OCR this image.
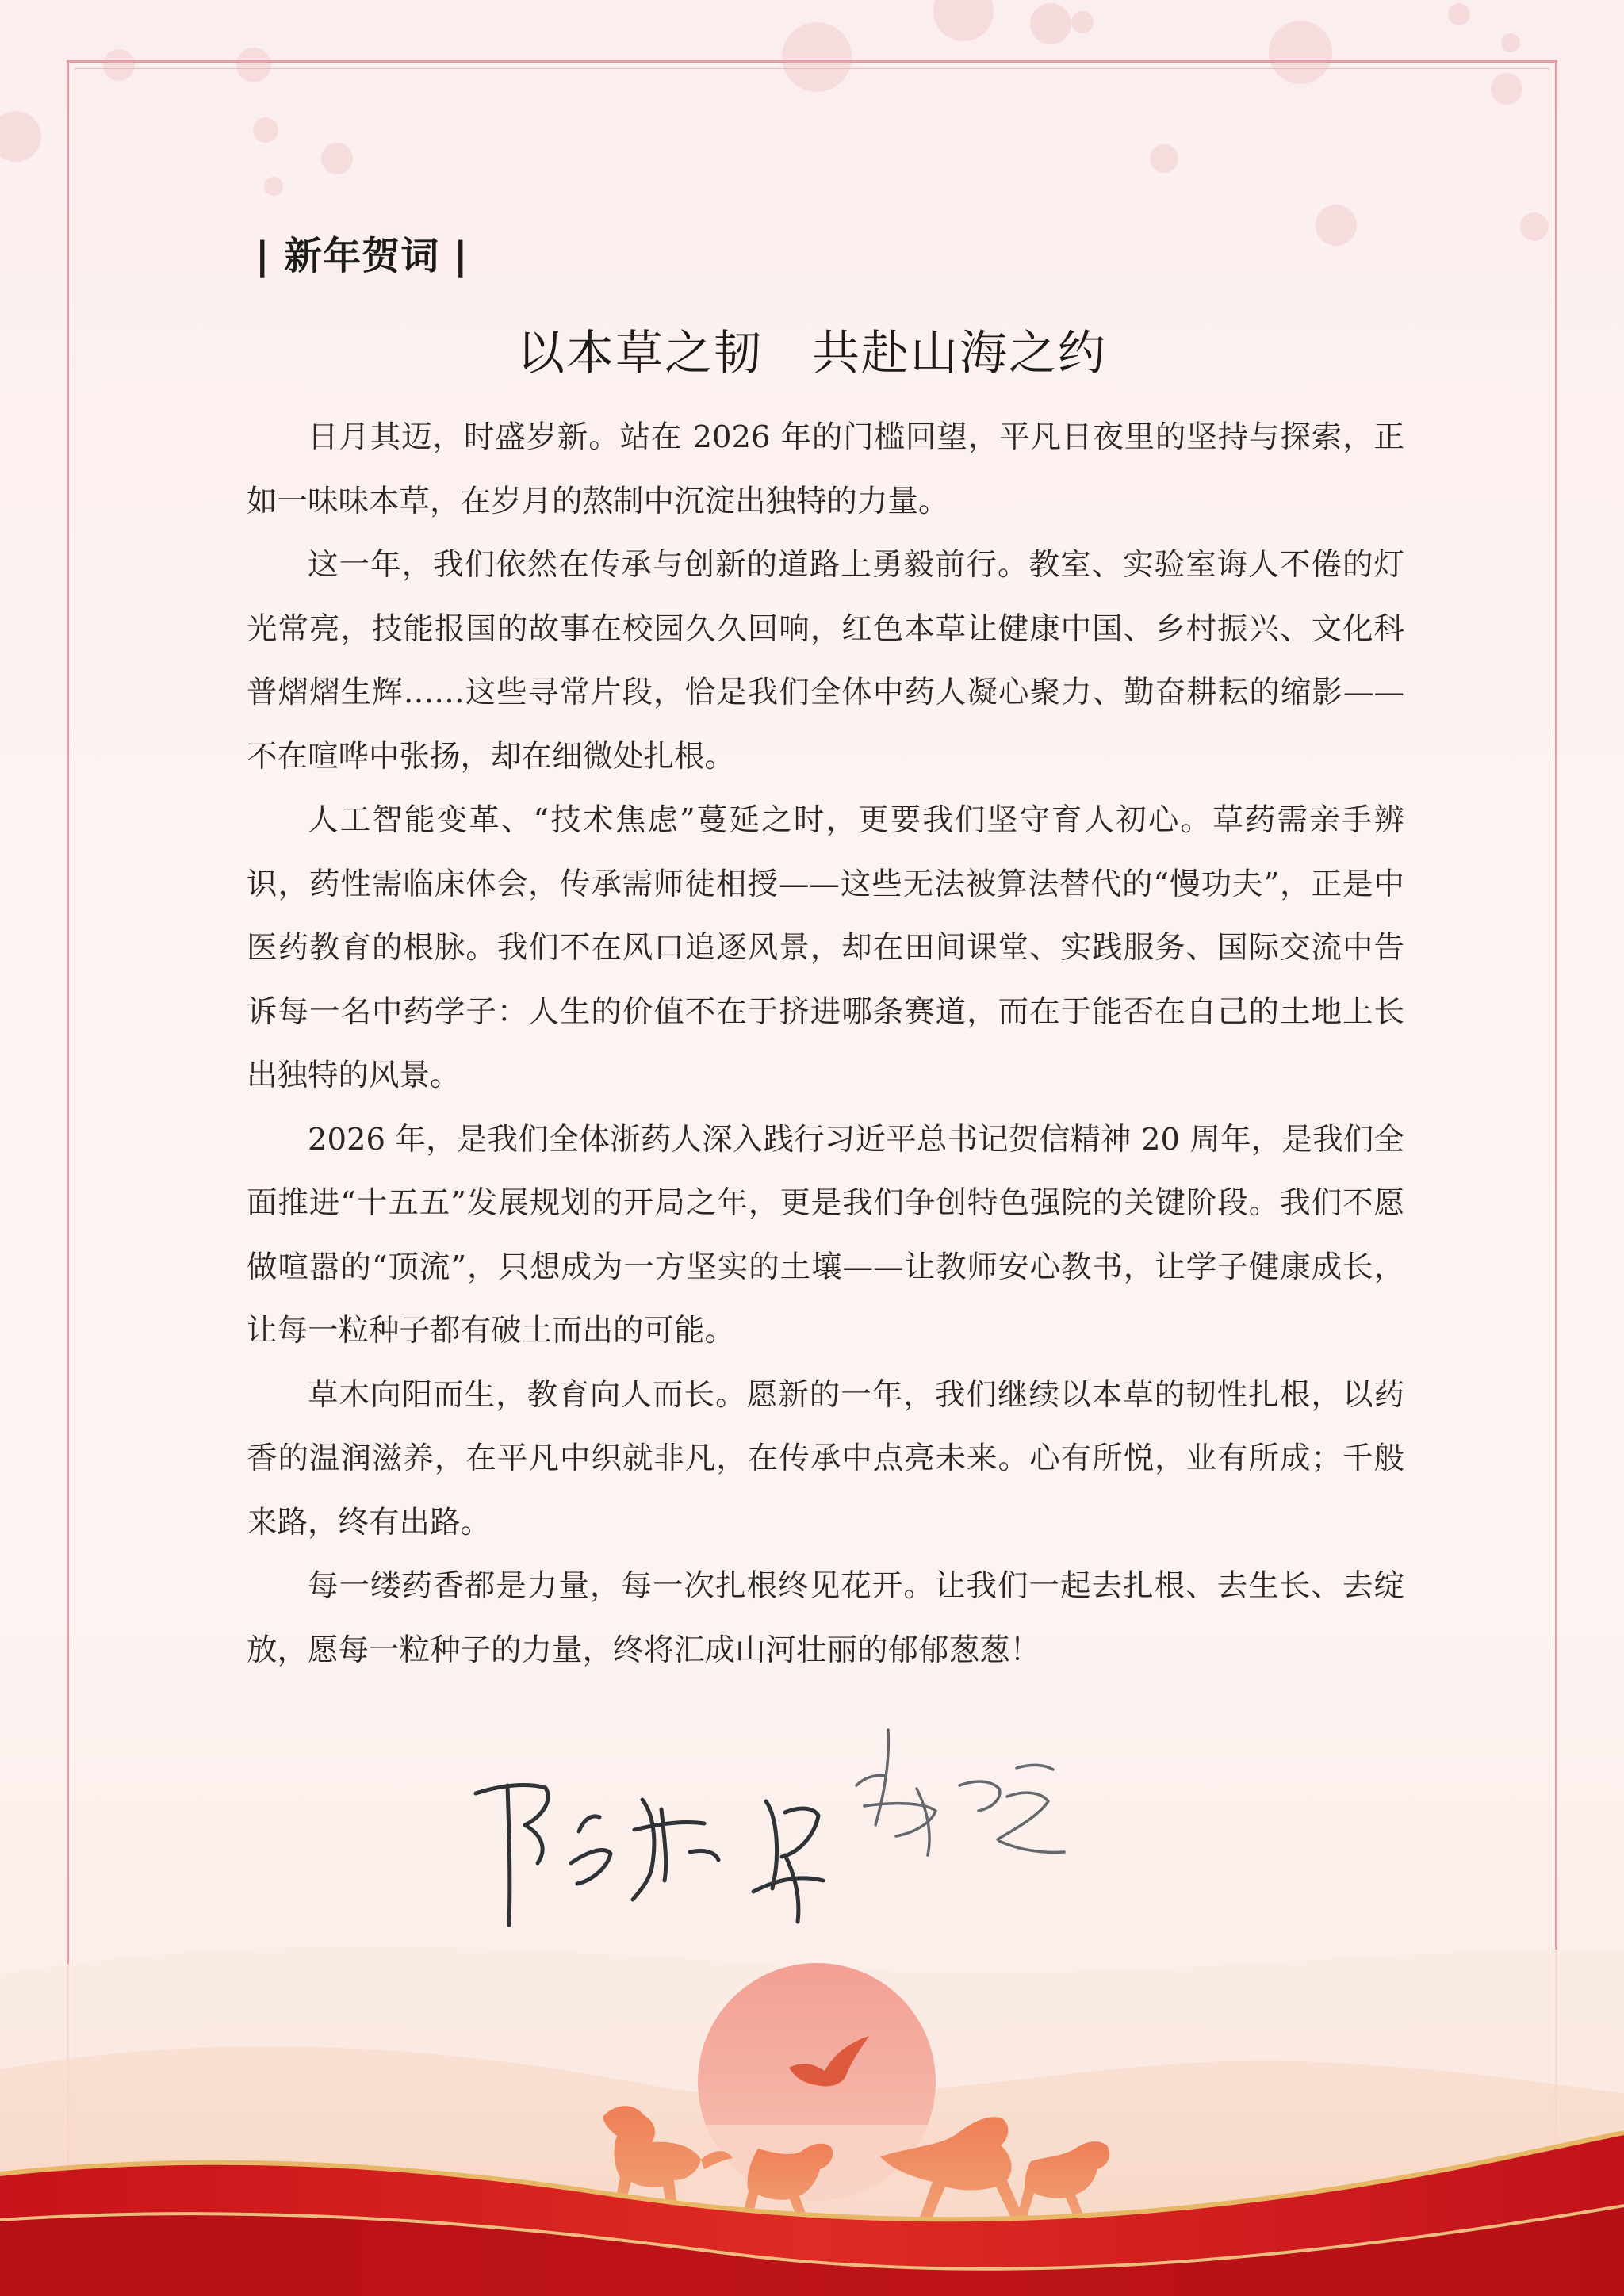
| 新年贺词 |
以本草之韧　共赴山海之约

日月其迈，时盛岁新。站在 2026 年的门槛回望，平凡日夜里的坚持与探索，正如一味味本草，在岁月的熬制中沉淀出独特的力量。

这一年，我们依然在传承与创新的道路上勇毅前行。教室、实验室诲人不倦的灯光常亮，技能报国的故事在校园久久回响，红色本草让健康中国、乡村振兴、文化科普熠熠生辉……这些寻常片段，恰是我们全体中药人凝心聚力、勤奋耕耘的缩影——不在喧哗中张扬，却在细微处扎根。

人工智能变革、“技术焦虑”蔓延之时，更要我们坚守育人初心。草药需亲手辨识，药性需临床体会，传承需师徒相授——这些无法被算法替代的“慢功夫”，正是中医药教育的根脉。我们不在风口追逐风景，却在田间课堂、实践服务、国际交流中告诉每一名中药学子：人生的价值不在于挤进哪条赛道，而在于能否在自己的土地上长出独特的风景。

2026 年，是我们全体浙药人深入践行习近平总书记贺信精神 20 周年，是我们全面推进“十五五”发展规划的开局之年，更是我们争创特色强院的关键阶段。我们不愿做喧嚣的“顶流”，只想成为一方坚实的土壤——让教师安心教书，让学子健康成长，让每一粒种子都有破土而出的可能。

草木向阳而生，教育向人而长。愿新的一年，我们继续以本草的韧性扎根，以药香的温润滋养，在平凡中织就非凡，在传承中点亮未来。心有所悦，业有所成；千般来路，终有出路。

每一缕药香都是力量，每一次扎根终见花开。让我们一起去扎根、去生长、去绽放，愿每一粒种子的力量，终将汇成山河壮丽的郁郁葱葱！
